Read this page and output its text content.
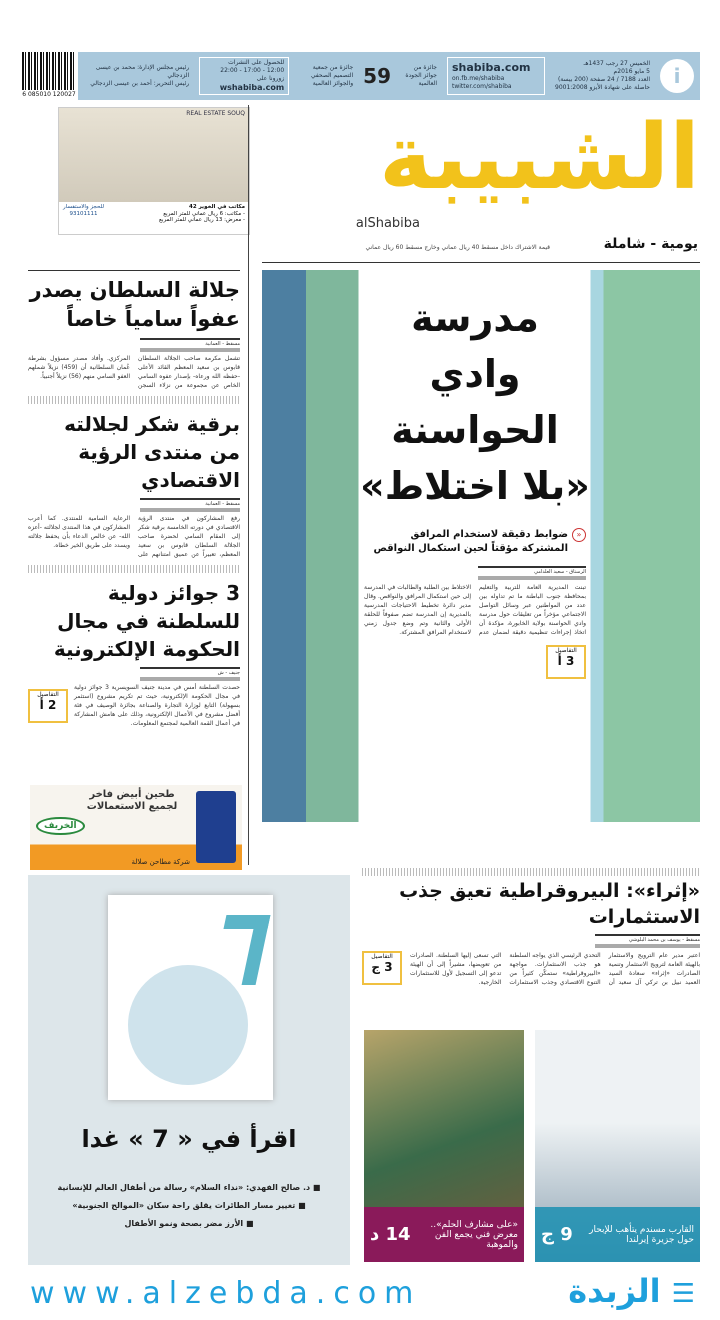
6 085010 120027
i
الخميس 27 رجب 1437هـ
5 مايو 2016م
العدد 7188 / 24 صفحة (200 بيسة)
حاصلة على شهادة الأيزو 9001:2008
shabiba.com
on.fb.me/shabiba
twitter.com/shabiba
جائزة من جوائز الجودة العالمية
59
جائزة من جمعية التصميم الصحفي والجوائز العالمية
للحصول على النشرات
12:00 - 17:00 - 22:00
زورونا على
wshabiba.com
رئيس مجلس الإدارة: محمد بن عيسى الزدجالي
رئيس التحرير: أحمد بن عيسى الزدجالي
REAL ESTATE SOUQ
مكاتب في الخوير 42
- مكاتب: 6 ريال عماني للمتر المربع
- معرض: 13 ريال عماني للمتر المربع
للحجز والاستفسار
93101111
الشبيبة
alShabiba
يومية - شاملة
قيمة الاشتراك داخل مسقط 40 ريال عماني وخارج مسقط 60 ريال عماني
جلالة السلطان يصدر عفواً سامياً خاصاً
مسقط - العمانية
تشمل مكرمة صاحب الجلالة السلطان قابوس بن سعيد المعظم القائد الأعلى -حفظه الله ورعاه- بإصدار عفوه السامي الخاص عن مجموعة من نزلاء السجن المركزي. وأفاد مصدر مسؤول بشرطة عُمان السلطانية أن (459) نزيلاً شملهم العفو السامي منهم (56) نزيلاً أجنبياً.
برقية شكر لجلالته من منتدى الرؤية الاقتصادي
مسقط - العمانية
رفع المشاركون في منتدى الرؤية الاقتصادي في دورته الخامسة برقية شكر إلى المقام السامي لحضرة صاحب الجلالة السلطان قابوس بن سعيد المعظم، تعبيراً عن عميق امتنانهم على الرعاية السامية للمنتدى. كما أعرب المشاركون في هذا المنتدى لجلالته -أعزه الله- عن خالص الدعاء بأن يحفظ جلالته ويسدد على طريق الخير خطاه.
3 جوائز دولية للسلطنة في مجال الحكومة الإلكترونية
جنيف - ش
حصدت السلطنة أمس في مدينة جنيف السويسرية 3 جوائز دولية في مجال الحكومة الإلكترونية، حيث تم تكريم مشروع (استثمر بسهولة) التابع لوزارة التجارة والصناعة بجائزة الوصيف في فئة أفضل مشروع في الأعمال الإلكترونية، وذلك على هامش المشاركة في أعمال القمة العالمية لمجتمع المعلومات.
التفاصيل
2 أ
طحين أبيض فاخر لجميع الاستعمالات
الخريف
شركة مطاحن صلالة
مدرسة وادي
الحواسنة
«بلا اختلاط»
«
ضوابط دقيقة لاستخدام المرافق المشتركة مؤقتاً لحين استكمال النواقص
الرستاق - سعيد العلدامي
تبنت المديرية العامة للتربية والتعليم بمحافظة جنوب الباطنة ما تم تداوله بين عدد من المواطنين عبر وسائل التواصل الاجتماعي مؤخراً من تعليقات حول مدرسة وادي الحواسنة بولاية الخابورة، مؤكدة أن اتخاذ إجراءات تنظيمية دقيقة لضمان عدم الاختلاط بين الطلبة والطالبات في المدرسة إلى حين استكمال المرافق والنواقص. وقال مدير دائرة تخطيط الاحتياجات المدرسية بالمديرية إن المدرسة تضم صفوفاً للحلقة الأولى والثانية وتم وضع جدول زمني لاستخدام المرافق المشتركة.
التفاصيل
3 أ
اقرأ في « 7 » غدا
■ د. صالح الفهدي: «نداء السلام» رسالة من أطفال العالم للإنسانية
■ تغيير مسار الطائرات يقلق راحة سكان «الموالح الجنوبية»
■ الأرز مضر بصحة ونمو الأطفال
«إثراء»: البيروقراطية تعيق جذب الاستثمارات
مسقط - يوسف بن محمد البلوشي
اعتبر مدير عام الترويج والاستثمار بالهيئة العامة لترويج الاستثمار وتنمية الصادرات «إثراء» سعادة السيد العميد نبيل بن تركي آل سعيد أن التحدي الرئيسي الذي يواجه السلطنة هو جذب الاستثمارات. مواجهة «البيروقراطية» ستمكّن كثيراً من التنوع الاقتصادي وجذب الاستثمارات التي تسعى إليها السلطنة. الصادرات من تعويضها، مشيراً إلى أن الهيئة تدعو إلى التسجيل لأول للاستثمارات الخارجية.
التفاصيل
3 ج
«على مشارف الحلم».. معرض فني يجمع الفن والموهبة
14 د	القارب مسندم يتأهب للإبحار حول جزيرة إيرلندا
9 ج
www.alzebda.com	الزبدة ☰
